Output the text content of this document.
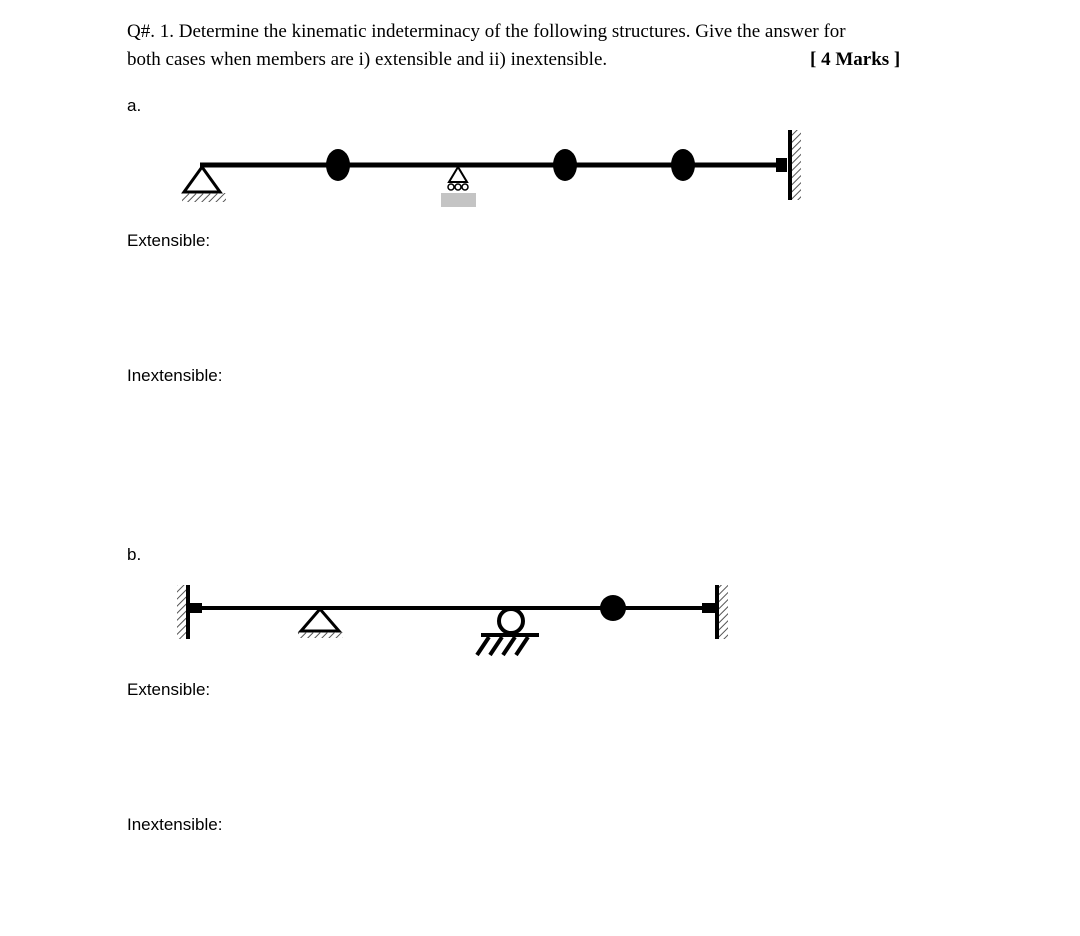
Q#. 1. Determine the kinematic indeterminacy of the following structures. Give the answer for
both cases when members are i) extensible and ii) inextensible.	[ 4 Marks ]
a.
Extensible:
Inextensible:
b.
Extensible:
Inextensible:
